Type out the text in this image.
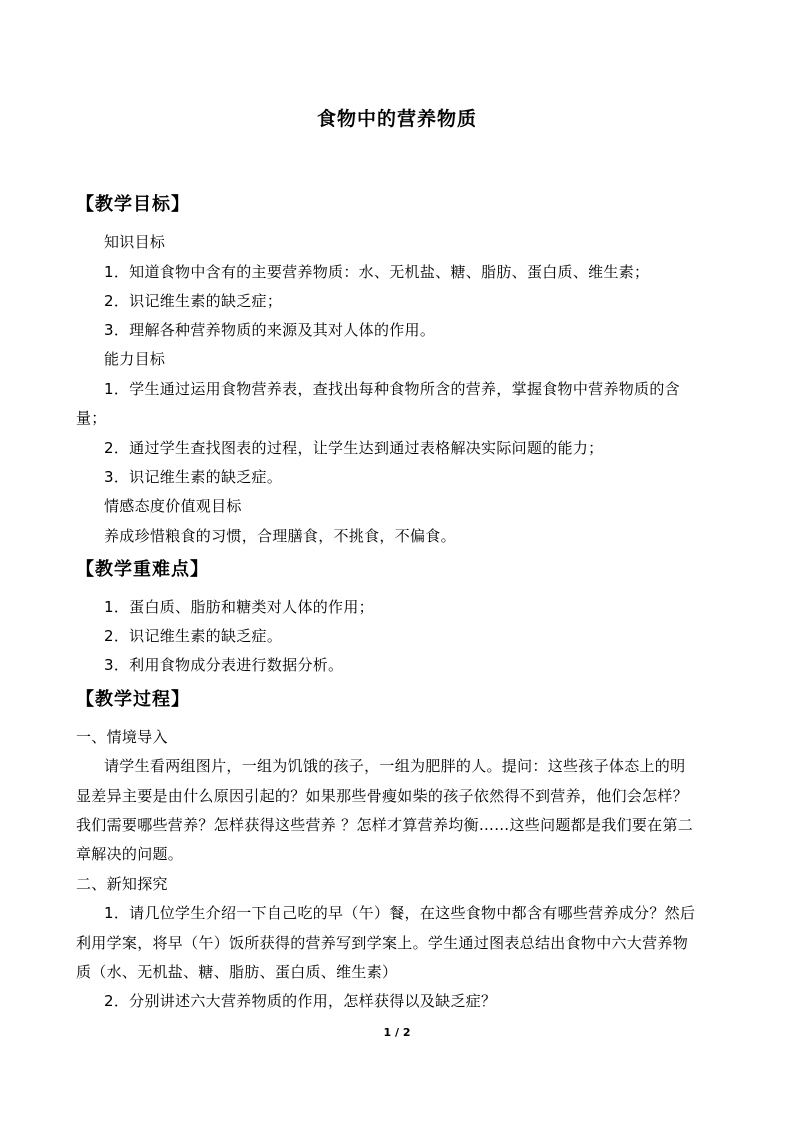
食物中的营养物质
【教学目标】
知识目标
1．知道食物中含有的主要营养物质：水、无机盐、糖、脂肪、蛋白质、维生素；
2．识记维生素的缺乏症；
3．理解各种营养物质的来源及其对人体的作用。
能力目标
1．学生通过运用食物营养表，查找出每种食物所含的营养，掌握食物中营养物质的含
量；
2．通过学生查找图表的过程，让学生达到通过表格解决实际问题的能力；
3．识记维生素的缺乏症。
情感态度价值观目标
养成珍惜粮食的习惯，合理膳食，不挑食，不偏食。
【教学重难点】
1．蛋白质、脂肪和糖类对人体的作用；
2．识记维生素的缺乏症。
3．利用食物成分表进行数据分析。
【教学过程】
一、情境导入
请学生看两组图片，一组为饥饿的孩子，一组为肥胖的人。提问：这些孩子体态上的明
显差异主要是由什么原因引起的？如果那些骨瘦如柴的孩子依然得不到营养，他们会怎样？
我们需要哪些营养？怎样获得这些营养 ？怎样才算营养均衡……这些问题都是我们要在第二
章解决的问题。
二、新知探究
1．请几位学生介绍一下自己吃的早（午）餐，在这些食物中都含有哪些营养成分？然后
利用学案，将早（午）饭所获得的营养写到学案上。学生通过图表总结出食物中六大营养物
质（水、无机盐、糖、脂肪、蛋白质、维生素）
2．分别讲述六大营养物质的作用，怎样获得以及缺乏症？
1 / 2
